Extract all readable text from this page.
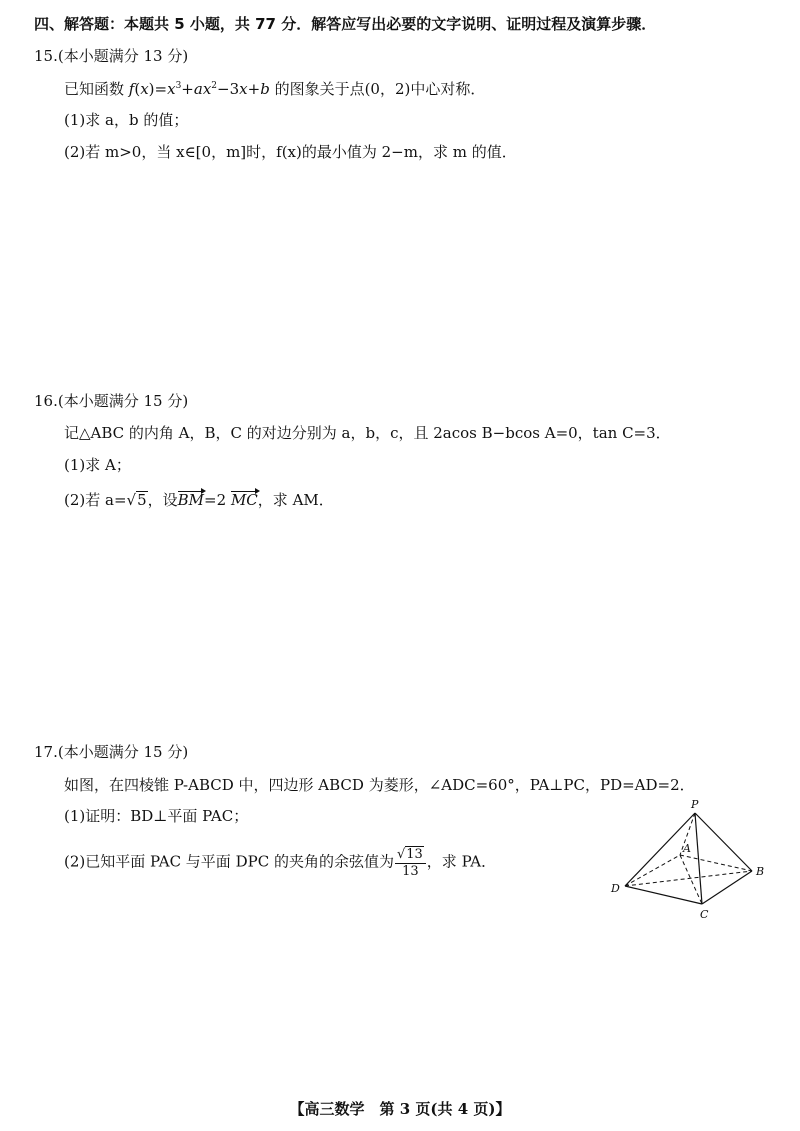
四、解答题：本题共 5 小题，共 77 分．解答应写出必要的文字说明、证明过程及演算步骤．
15.(本小题满分 13 分)
已知函数 $f(x)=x^3+ax^2-3x+b$ 的图象关于点(0，2)中心对称．
(1)求 a，b 的值；
(2)若 m>0，当 x∈[0，m]时，f(x)的最小值为 2−m，求 m 的值．
16.(本小题满分 15 分)
记△ABC 的内角 A，B，C 的对边分别为 a，b，c，且 2acos B−bcos A=0，tan C=3．
(1)求 A；
(2)若 a=√5，设BM=2 MC，求 AM．
17.(本小题满分 15 分)
如图，在四棱锥 P-ABCD 中，四边形 ABCD 为菱形，∠ADC=60°，PA⊥PC，PD=AD=2．
(1)证明：BD⊥平面 PAC；
(2)已知平面 PAC 与平面 DPC 的夹角的余弦值为 $\frac{√13}{13}$ ，求 PA．
P
A
B
C
D
【高三数学　第 3 页(共 4 页)】
